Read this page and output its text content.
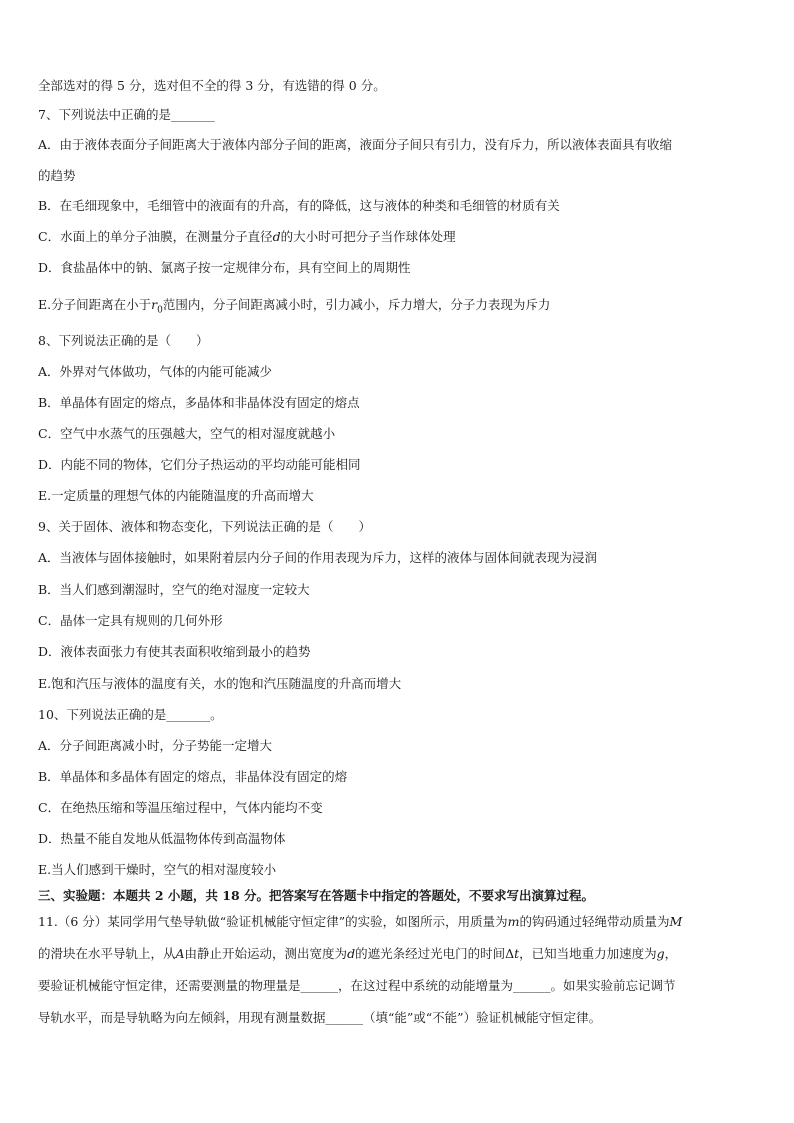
全部选对的得 5 分，选对但不全的得 3 分，有选错的得 0 分。
7、下列说法中正确的是_______
A．由于液体表面分子间距离大于液体内部分子间的距离，液面分子间只有引力，没有斥力，所以液体表面具有收缩
的趋势
B．在毛细现象中，毛细管中的液面有的升高，有的降低，这与液体的种类和毛细管的材质有关
C．水面上的单分子油膜，在测量分子直径d的大小时可把分子当作球体处理
D．食盐晶体中的钠、氯离子按一定规律分布，具有空间上的周期性
E.分子间距离在小于$r_0$范围内，分子间距离减小时，引力减小，斥力增大，分子力表现为斥力
8、下列说法正确的是（　　）
A．外界对气体做功，气体的内能可能减少
B．单晶体有固定的熔点，多晶体和非晶体没有固定的熔点
C．空气中水蒸气的压强越大，空气的相对湿度就越小
D．内能不同的物体，它们分子热运动的平均动能可能相同
E.一定质量的理想气体的内能随温度的升高而增大
9、关于固体、液体和物态变化，下列说法正确的是（　　）
A．当液体与固体接触时，如果附着层内分子间的作用表现为斥力，这样的液体与固体间就表现为浸润
B．当人们感到潮湿时，空气的绝对湿度一定较大
C．晶体一定具有规则的几何外形
D．液体表面张力有使其表面积收缩到最小的趋势
E.饱和汽压与液体的温度有关，水的饱和汽压随温度的升高而增大
10、下列说法正确的是_______。
A．分子间距离减小时，分子势能一定增大
B．单晶体和多晶体有固定的熔点，非晶体没有固定的熔
C．在绝热压缩和等温压缩过程中，气体内能均不变
D．热量不能自发地从低温物体传到高温物体
E.当人们感到干燥时，空气的相对湿度较小
三、实验题：本题共 2 小题，共 18 分。把答案写在答题卡中指定的答题处，不要求写出演算过程。
11.（6 分）某同学用气垫导轨做“验证机械能守恒定律”的实验，如图所示，用质量为m的钩码通过轻绳带动质量为M
的滑块在水平导轨上，从A由静止开始运动，测出宽度为d的遮光条经过光电门的时间Δt，已知当地重力加速度为g，
要验证机械能守恒定律，还需要测量的物理量是______，在这过程中系统的动能增量为______。如果实验前忘记调节
导轨水平，而是导轨略为向左倾斜，用现有测量数据______（填“能”或“不能”）验证机械能守恒定律。
